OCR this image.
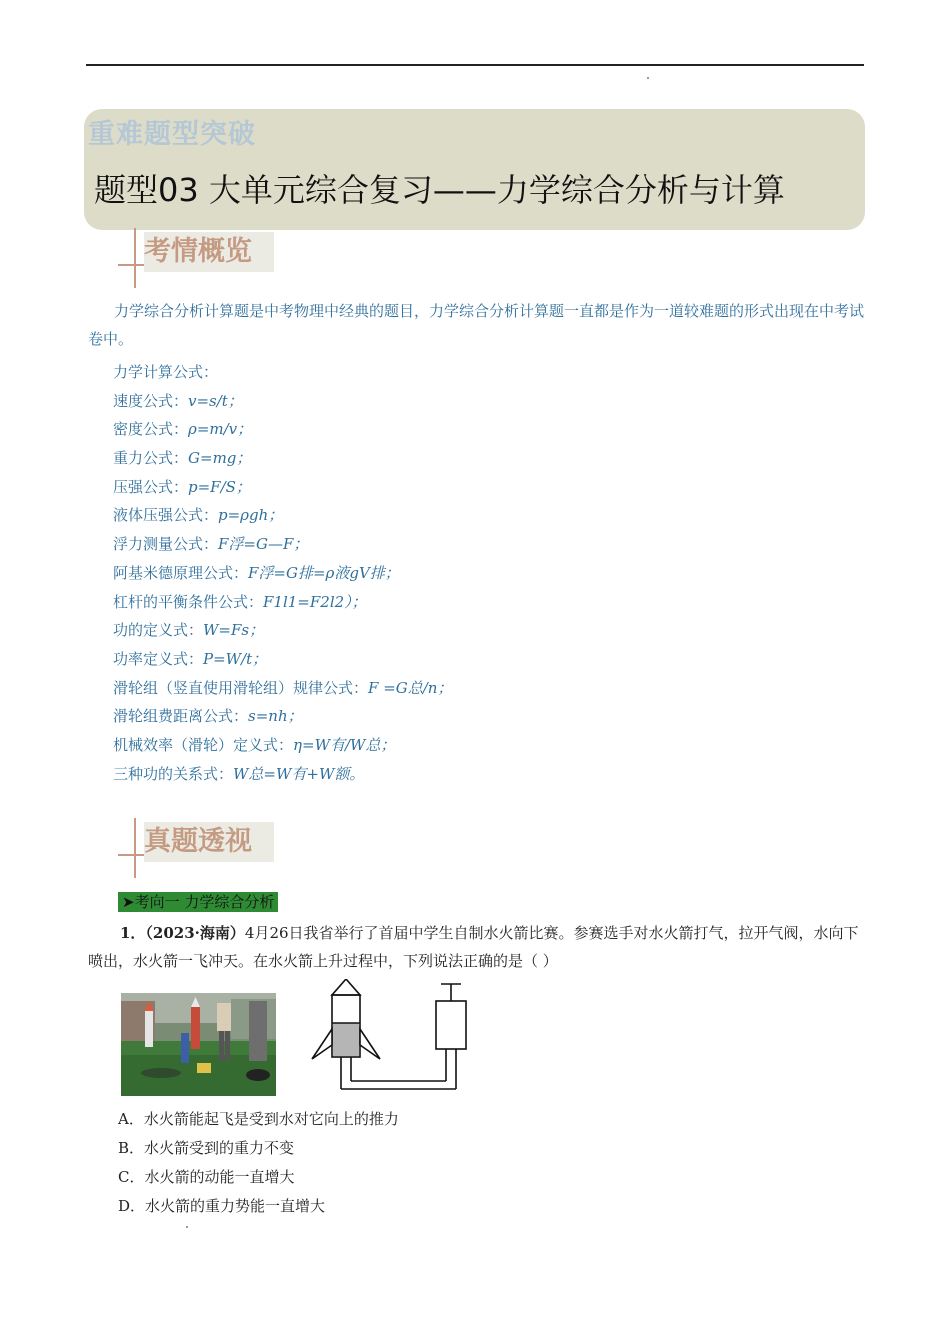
重难题型突破
题型03 大单元综合复习——力学综合分析与计算
考情概览
力学综合分析计算题是中考物理中经典的题目，力学综合分析计算题一直都是作为一道较难题的形式出现在中考试卷中。
力学计算公式：
速度公式：v=s/t；
密度公式：ρ=m/v；
重力公式：G=mg；
压强公式：p=F/S；
液体压强公式：p=ρgh；
浮力测量公式：F浮=G—F；
阿基米德原理公式：F浮=G排=ρ液gV排；
杠杆的平衡条件公式：F1l1=F2l2）；
功的定义式：W=Fs；
功率定义式：P=W/t；
滑轮组（竖直使用滑轮组）规律公式：F =G总/n；
滑轮组费距离公式：s=nh；
机械效率（滑轮）定义式：η=W有/W总；
三种功的关系式：W总=W有+W额。
真题透视
➤考向一 力学综合分析
1．（2023·海南）4月26日我省举行了首届中学生自制水火箭比赛。参赛选手对水火箭打气，拉开气阀，水向下喷出，水火箭一飞冲天。在水火箭上升过程中，下列说法正确的是（ ）
A．水火箭能起飞是受到水对它向上的推力
B．水火箭受到的重力不变
C．水火箭的动能一直增大
D．水火箭的重力势能一直增大
